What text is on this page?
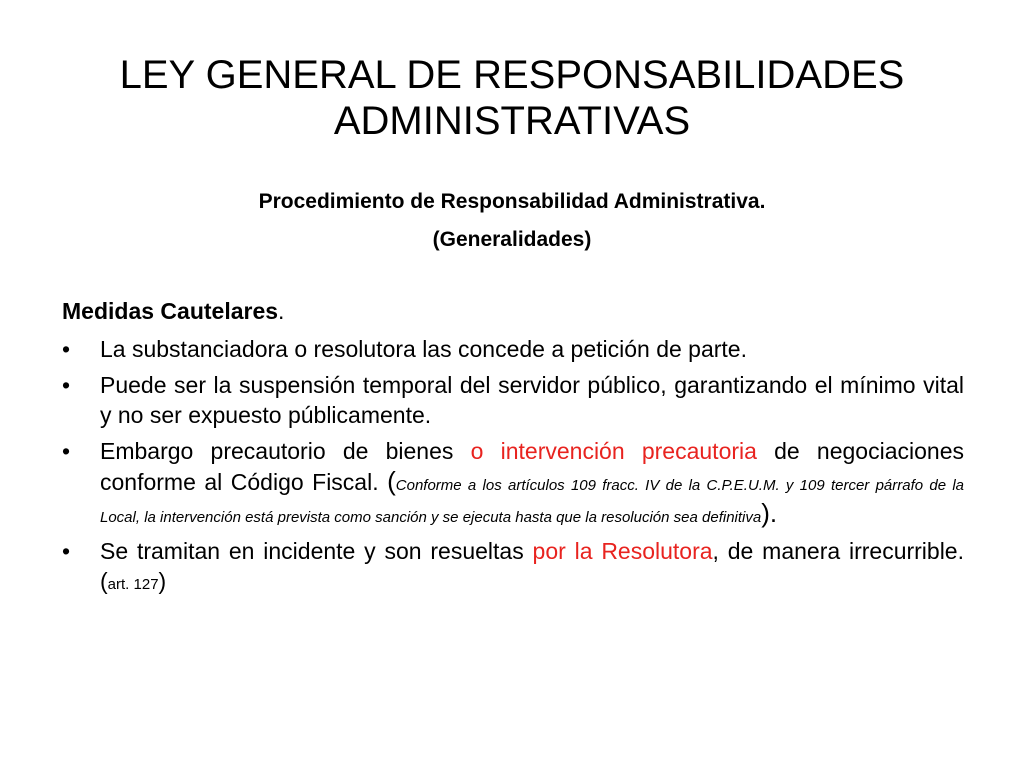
LEY GENERAL DE RESPONSABILIDADES
ADMINISTRATIVAS

Procedimiento de Responsabilidad Administrativa.

(Generalidades)

Medidas Cautelares.

•	La substanciadora o resolutora las concede a petición de parte.
•	Puede ser la suspensión temporal del servidor público, garantizando el mínimo vital y no ser expuesto públicamente.
•	Embargo precautorio de bienes o intervención precautoria de negociaciones conforme al Código Fiscal. (Conforme a los artículos 109 fracc. IV de la C.P.E.U.M. y 109 tercer párrafo de la Local, la intervención está prevista como sanción y se ejecuta hasta que la resolución sea definitiva).
•	Se tramitan en incidente y son resueltas por la Resolutora, de manera irrecurrible. (art. 127)
